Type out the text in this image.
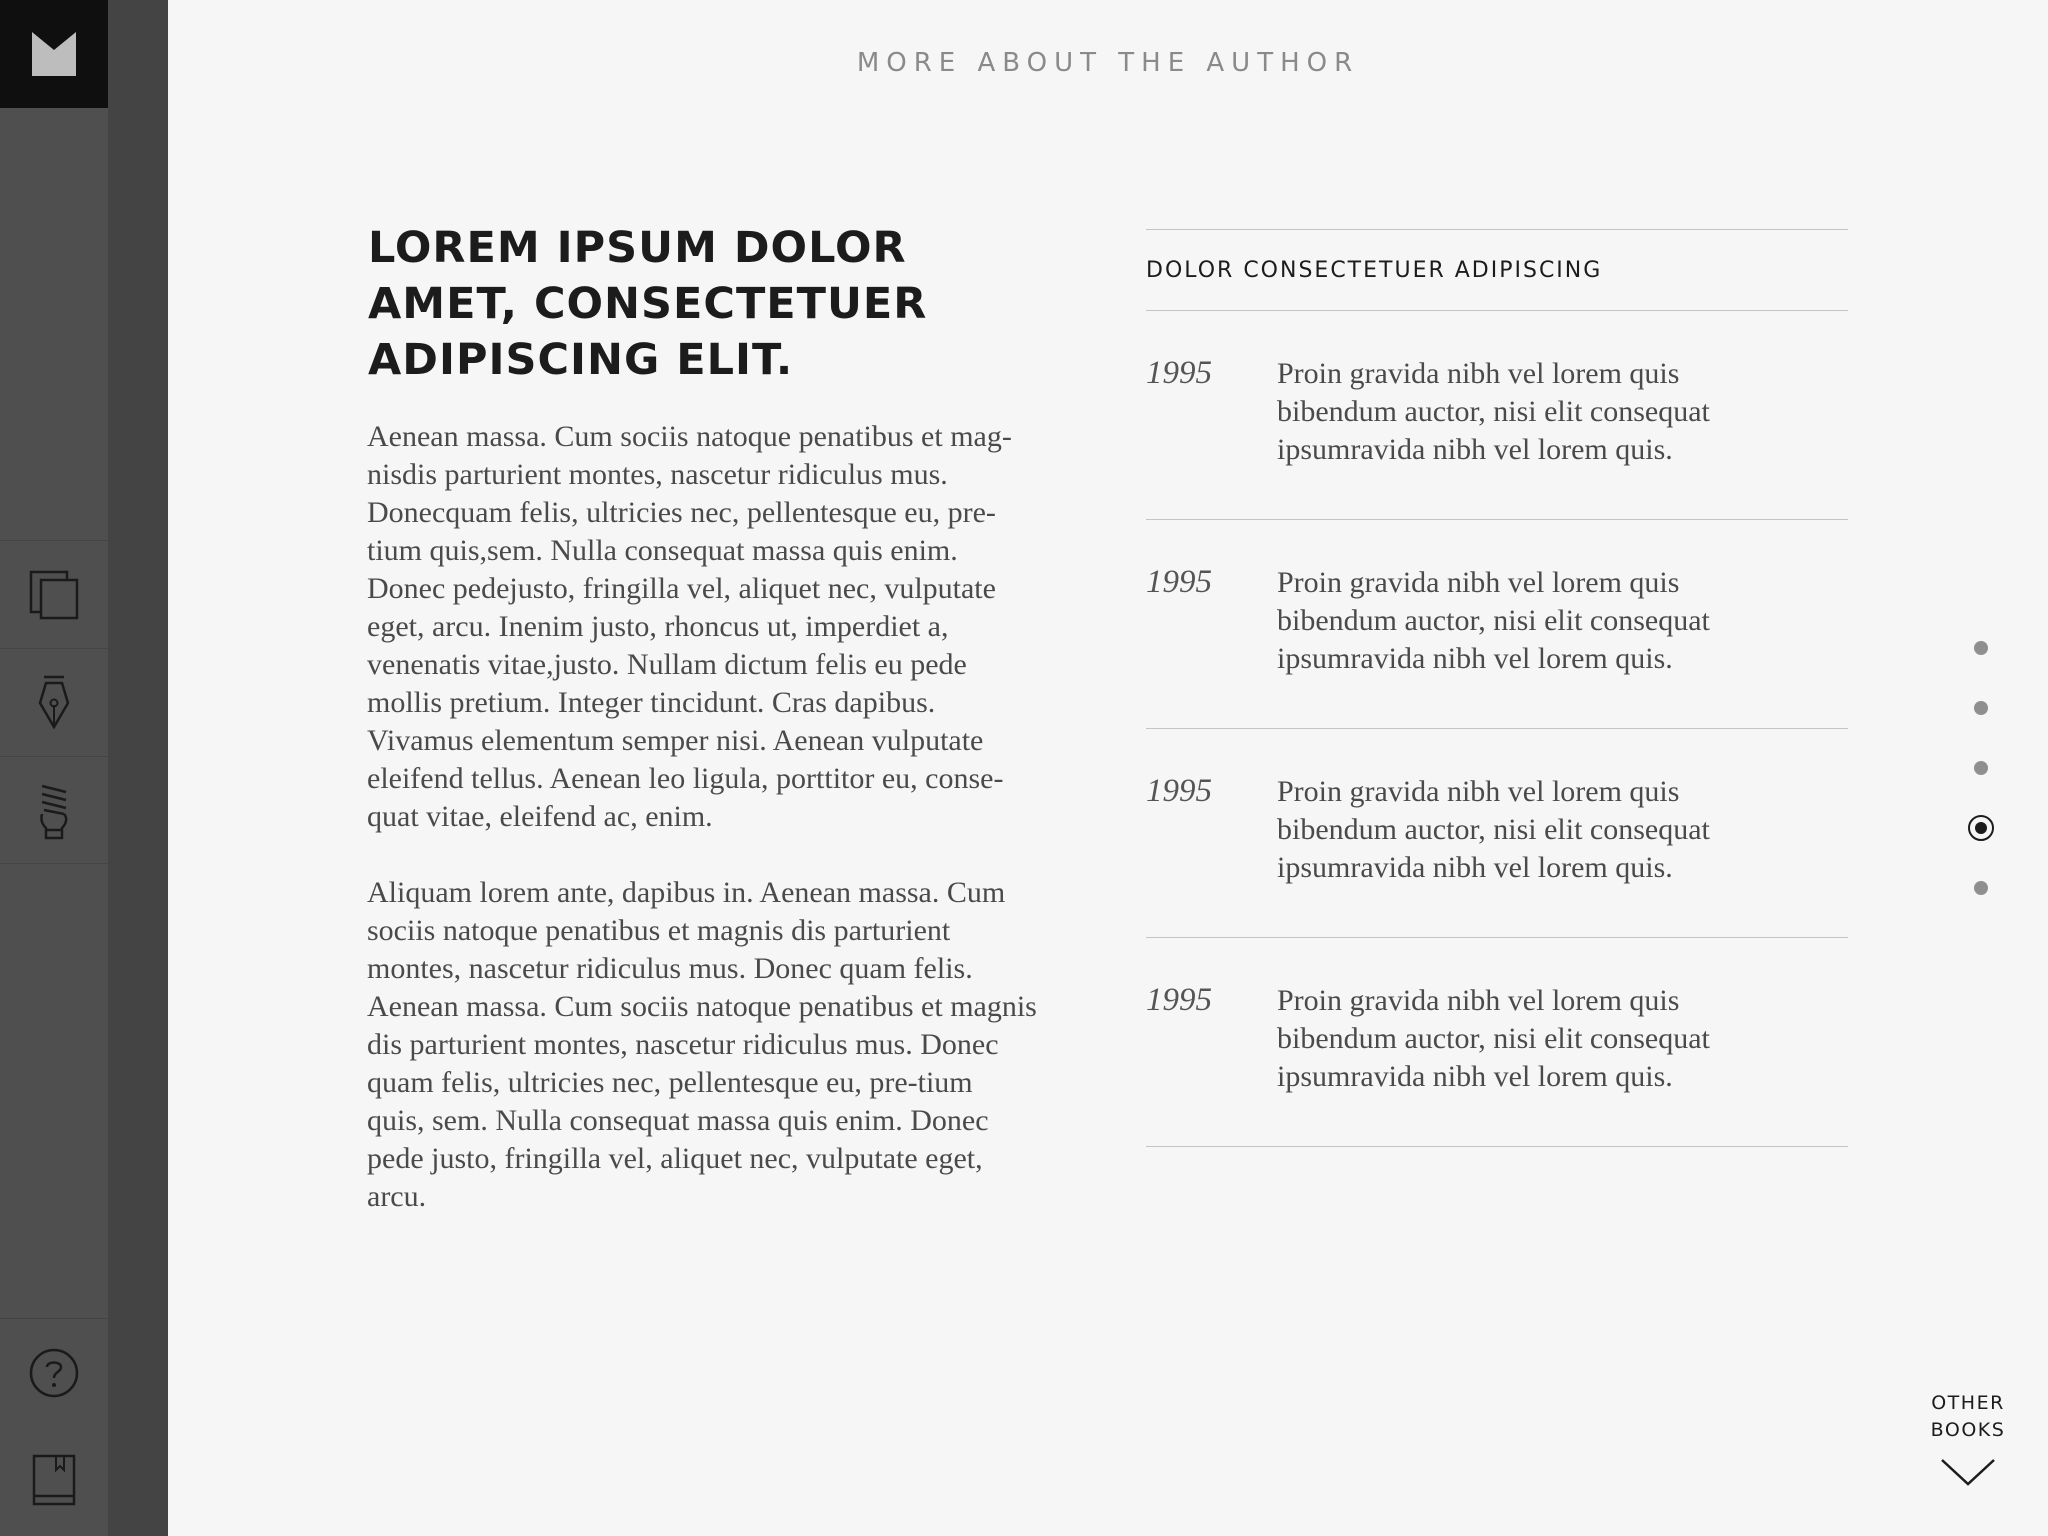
MORE ABOUT THE AUTHOR
LOREM IPSUM DOLOR AMET, CONSECTETUER ADIPISCING ELIT.

Aenean massa. Cum sociis natoque penatibus et mag-nisdis parturient montes, nascetur ridiculus mus. Donecquam felis, ultricies nec, pellentesque eu, pre-tium quis,sem. Nulla consequat massa quis enim. Donec pedejusto, fringilla vel, aliquet nec, vulputate eget, arcu. Inenim justo, rhoncus ut, imperdiet a, venenatis vitae,justo. Nullam dictum felis eu pede mollis pretium. Integer tincidunt. Cras dapibus. Vivamus elementum semper nisi. Aenean vulputate eleifend tellus. Aenean leo ligula, porttitor eu, conse-quat vitae, eleifend ac, enim.

Aliquam lorem ante, dapibus in. Aenean massa. Cum sociis natoque penatibus et magnis dis parturient montes, nascetur ridiculus mus. Donec quam felis. Aenean massa. Cum sociis natoque penatibus et magnis dis parturient montes, nascetur ridiculus mus. Donec quam felis, ultricies nec, pellentesque eu, pre-tium quis, sem. Nulla consequat massa quis enim. Donec pede justo, fringilla vel, aliquet nec, vulputate eget, arcu.

DOLOR CONSECTETUER ADIPISCING
1995 Proin gravida nibh vel lorem quis bibendum auctor, nisi elit consequat ipsumravida nibh vel lorem quis.
1995 Proin gravida nibh vel lorem quis bibendum auctor, nisi elit consequat ipsumravida nibh vel lorem quis.
1995 Proin gravida nibh vel lorem quis bibendum auctor, nisi elit consequat ipsumravida nibh vel lorem quis.
1995 Proin gravida nibh vel lorem quis bibendum auctor, nisi elit consequat ipsumravida nibh vel lorem quis.
OTHER
BOOKS
